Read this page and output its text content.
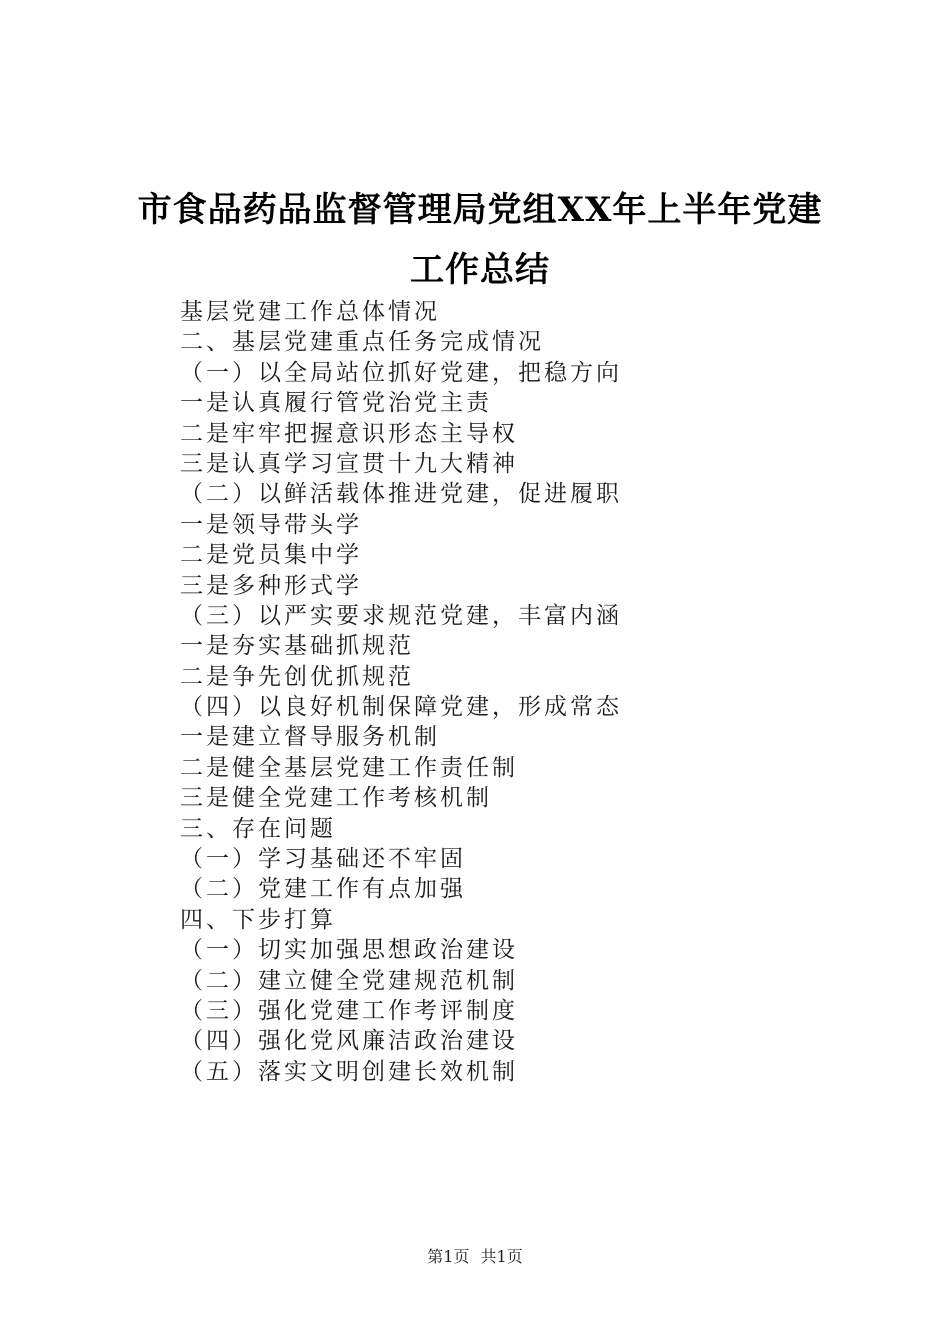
市食品药品监督管理局党组XX年上半年党建
工作总结
基层党建工作总体情况
二、基层党建重点任务完成情况
（一）以全局站位抓好党建，把稳方向
一是认真履行管党治党主责
二是牢牢把握意识形态主导权
三是认真学习宣贯十九大精神
（二）以鲜活载体推进党建，促进履职
一是领导带头学
二是党员集中学
三是多种形式学
（三）以严实要求规范党建，丰富内涵
一是夯实基础抓规范
二是争先创优抓规范
（四）以良好机制保障党建，形成常态
一是建立督导服务机制
二是健全基层党建工作责任制
三是健全党建工作考核机制
三、存在问题
（一）学习基础还不牢固
（二）党建工作有点加强
四、下步打算
（一）切实加强思想政治建设
（二）建立健全党建规范机制
（三）强化党建工作考评制度
（四）强化党风廉洁政治建设
（五）落实文明创建长效机制
第1页 共1页
